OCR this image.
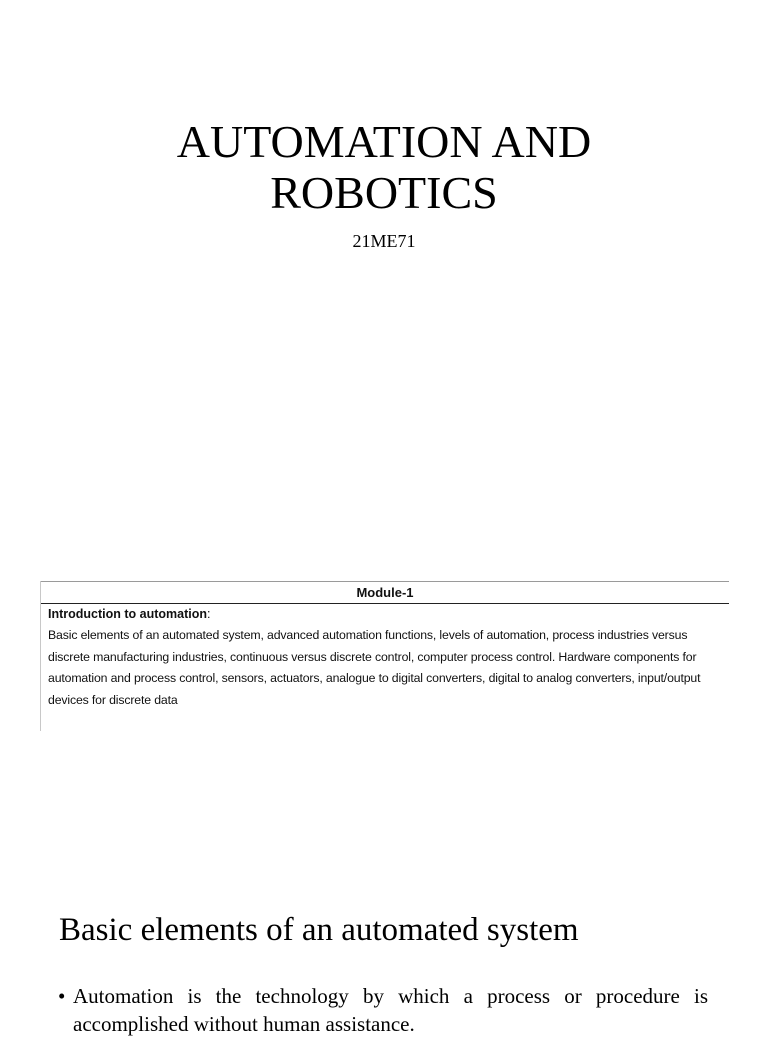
AUTOMATION AND
ROBOTICS
21ME71
Module-1
Introduction to automation:
Basic elements of an automated system, advanced automation functions, levels of automation, process industries versus discrete manufacturing industries, continuous versus discrete control, computer process control. Hardware components for automation and process control, sensors, actuators, analogue to digital converters, digital to analog converters, input/output devices for discrete data
Basic elements of an automated system
• Automation is the technology by which a process or procedure is accomplished without human assistance.
